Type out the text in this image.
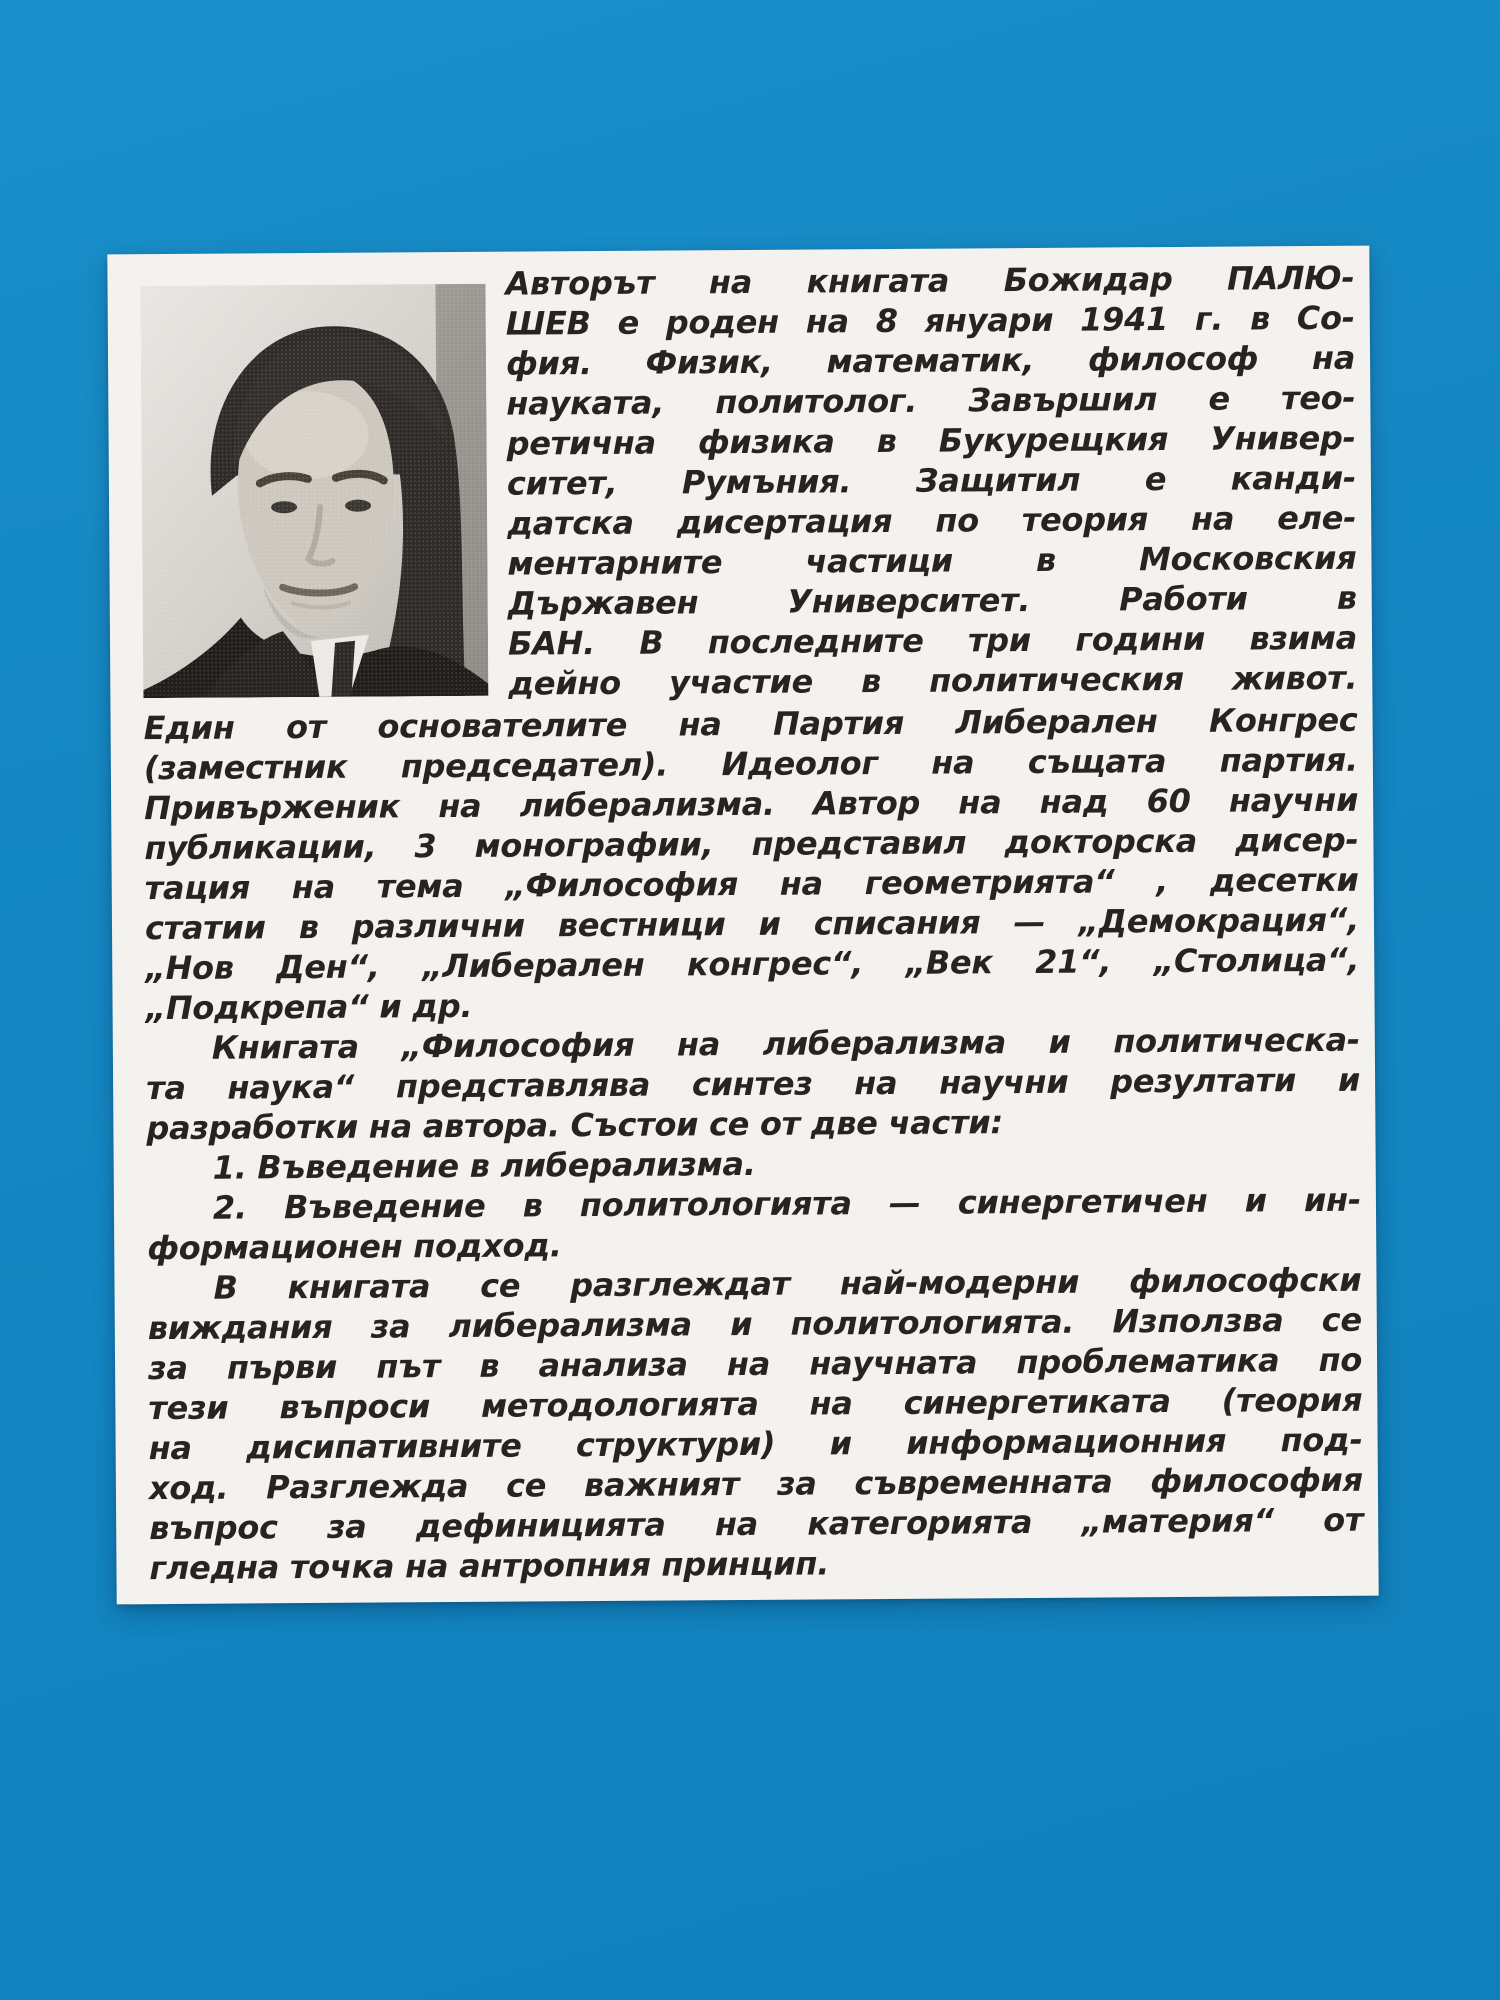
Авторът на книгата Божидар ПАЛЮ-
ШЕВ е роден на 8 януари 1941 г. в Со-
фия. Физик, математик, философ на
науката, политолог. Завършил е тео-
ретична физика в Букурещкия Универ-
ситет, Румъния. Защитил е канди-
датска дисертация по теория на еле-
ментарните	частици	в	Московския
Държавен	Университет.	Работи	в
БАН. В последните три години взима
дейно участие в политическия живот.
Един от основателите на Партия Либерален Конгрес
(заместник председател). Идеолог на същата партия.
Привърженик на либерализма. Автор на над 60 научни
публикации, 3 монографии, представил докторска дисер-
тация на тема „Философия на геометрията“ , десетки
статии в различни вестници и списания — „Демокрация“,
„Нов Ден“, „Либерален конгрес“, „Век 21“, „Столица“,
„Подкрепа“ и др.
Книгата „Философия на либерализма и политическа-
та наука“ представлява синтез на научни резултати и
разработки на автора. Състои се от две части:
1. Въведение в либерализма.
2. Въведение в политологията — синергетичен и ин-
формационен подход.
В книгата се разглеждат най-модерни философски
виждания за либерализма и политологията. Използва се
за първи път в анализа на научната проблематика по
тези въпроси методологията на синергетиката (теория
на дисипативните структури) и информационния под-
ход. Разглежда се важният за съвременната философия
въпрос за дефиницията на категорията „материя“ от
гледна точка на антропния принцип.
